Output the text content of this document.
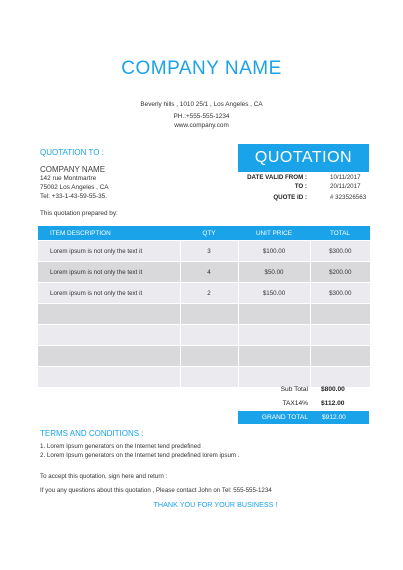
COMPANY NAME
Beverly hills , 1010 25/1 , Los Angeles , CA
PH.:+555-555-1234
www.company.com
QUOTATION TO :
COMPANY NAME
142 rue Montmartre
75002 Los Angeles , CA
Tel: +33-1-43-59-55-35.
QUOTATION
DATE VALID FROM :	10/11/2017
TO :	20/11/2017
QUOTE ID :	# 323526563
This quotation prepared by:
ITEM DESCRIPTION	QTY	UNIT PRICE	TOTAL
Lorem ipsum is not only the text it	3	$100.00	$300.00
Lorem ipsum is not only the text it	4	$50.00	$200.00
Lorem ipsum is not only the text it	2	$150.00	$300.00

Sub Total $800.00
TAX14% $112.00
GRAND TOTAL $912.00
TERMS AND CONDITIONS :
1. Lorem Ipsum generators on the Internet tend predefined
2. Lorem Ipsum generators on the Internet tend predefined lorem ipsum .
To accept this quotation, sign here and return :
If you any questions about this quotation , Please contact John on Tel: 555-555-1234
THANK YOU FOR YOUR BUSINESS !
